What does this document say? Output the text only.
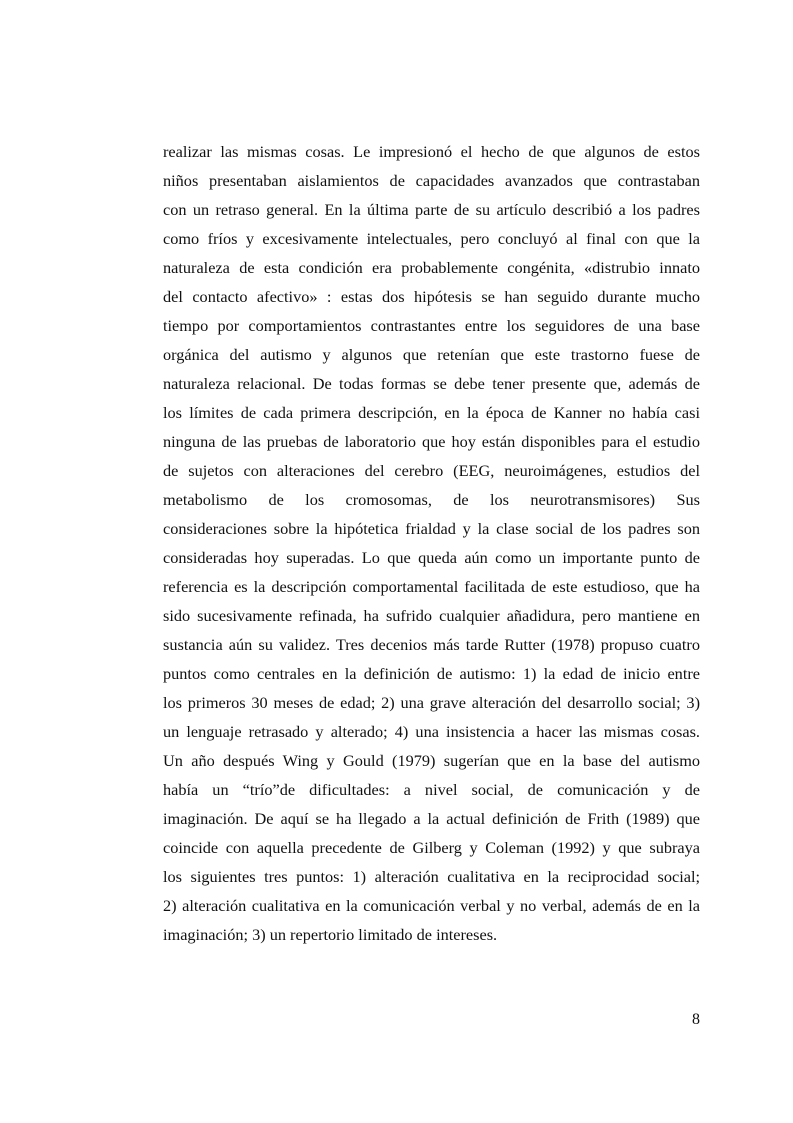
realizar las mismas cosas. Le impresionó el hecho de que algunos de estos
niños presentaban aislamientos de capacidades avanzados que contrastaban
con un retraso general. En la última parte de su artículo describió a los padres
como fríos y excesivamente intelectuales, pero concluyó al final con que la
naturaleza de esta condición era probablemente congénita, «distrubio innato
del contacto afectivo» : estas dos hipótesis se han seguido durante mucho
tiempo por comportamientos contrastantes entre los seguidores de una base
orgánica del autismo y algunos que retenían que este trastorno fuese de
naturaleza relacional. De todas formas se debe tener presente que, además de
los límites de cada primera descripción, en la época de Kanner no había casi
ninguna de las pruebas de laboratorio que hoy están disponibles para el estudio
de sujetos con alteraciones del cerebro (EEG, neuroimágenes, estudios del
metabolismo de los cromosomas, de los neurotransmisores) Sus
consideraciones sobre la hipótetica frialdad y la clase social de los padres son
consideradas hoy superadas. Lo que queda aún como un importante punto de
referencia es la descripción comportamental facilitada de este estudioso, que ha
sido sucesivamente refinada, ha sufrido cualquier añadidura, pero mantiene en
sustancia aún su validez. Tres decenios más tarde Rutter (1978) propuso cuatro
puntos como centrales en la definición de autismo: 1) la edad de inicio entre
los primeros 30 meses de edad; 2) una grave alteración del desarrollo social; 3)
un lenguaje retrasado y alterado; 4) una insistencia a hacer las mismas cosas.
Un año después Wing y Gould (1979) sugerían que en la base del autismo
había un “trío”de dificultades: a nivel social, de comunicación y de
imaginación. De aquí se ha llegado a la actual definición de Frith (1989) que
coincide con aquella precedente de Gilberg y Coleman (1992) y que subraya
los siguientes tres puntos: 1) alteración cualitativa en la reciprocidad social;
2) alteración cualitativa en la comunicación verbal y no verbal, además de en la
imaginación; 3) un repertorio limitado de intereses.
8
